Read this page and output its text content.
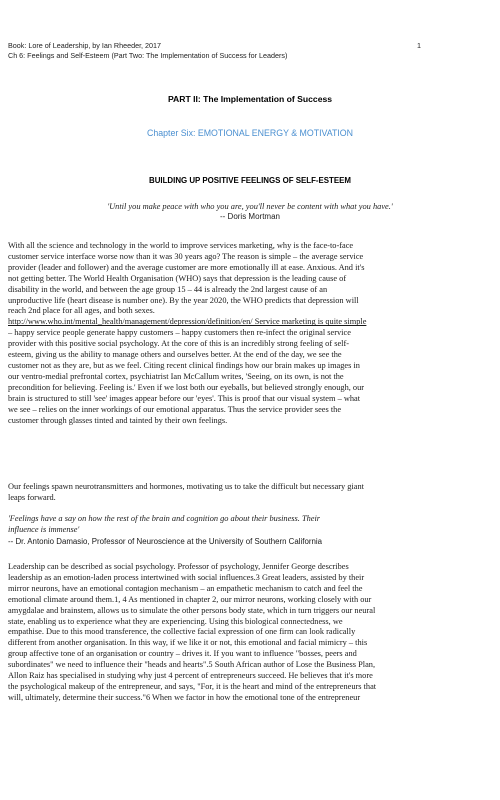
Book: Lore of Leadership, by Ian Rheeder, 2017
Ch 6: Feelings and Self-Esteem (Part Two: The Implementation of Success for Leaders)
1
PART II: The Implementation of Success
Chapter Six: EMOTIONAL ENERGY & MOTIVATION
BUILDING UP POSITIVE FEELINGS OF SELF-ESTEEM
'Until you make peace with who you are, you'll never be content with what you have.'
-- Doris Mortman
With all the science and technology in the world to improve services marketing, why is the face-to-face
customer service interface worse now than it was 30 years ago? The reason is simple – the average service
provider (leader and follower) and the average customer are more emotionally ill at ease. Anxious. And it's
not getting better. The World Health Organisation (WHO) says that depression is the leading cause of
disability in the world, and between the age group 15 – 44 is already the 2nd largest cause of an
unproductive life (heart disease is number one). By the year 2020, the WHO predicts that depression will
reach 2nd place for all ages, and both sexes.
http://www.who.int/mental_health/management/depression/definition/en/ Service marketing is quite simple
– happy service people generate happy customers – happy customers then re-infect the original service
provider with this positive social psychology. At the core of this is an incredibly strong feeling of self-
esteem, giving us the ability to manage others and ourselves better. At the end of the day, we see the
customer not as they are, but as we feel. Citing recent clinical findings how our brain makes up images in
our ventro-medial prefrontal cortex, psychiatrist Ian McCallum writes, 'Seeing, on its own, is not the
precondition for believing. Feeling is.' Even if we lost both our eyeballs, but believed strongly enough, our
brain is structured to still 'see' images appear before our 'eyes'. This is proof that our visual system – what
we see – relies on the inner workings of our emotional apparatus. Thus the service provider sees the
customer through glasses tinted and tainted by their own feelings.
Our feelings spawn neurotransmitters and hormones, motivating us to take the difficult but necessary giant
leaps forward.
'Feelings have a say on how the rest of the brain and cognition go about their business. Their
influence is immense'
-- Dr. Antonio Damasio, Professor of Neuroscience at the University of Southern California
Leadership can be described as social psychology. Professor of psychology, Jennifer George describes
leadership as an emotion-laden process intertwined with social influences.3 Great leaders, assisted by their
mirror neurons, have an emotional contagion mechanism – an empathetic mechanism to catch and feel the
emotional climate around them.1, 4 As mentioned in chapter 2, our mirror neurons, working closely with our
amygdalae and brainstem, allows us to simulate the other persons body state, which in turn triggers our neural
state, enabling us to experience what they are experiencing. Using this biological connectedness, we
empathise. Due to this mood transference, the collective facial expression of one firm can look radically
different from another organisation. In this way, if we like it or not, this emotional and facial mimicry – this
group affective tone of an organisation or country – drives it. If you want to influence "bosses, peers and
subordinates" we need to influence their "heads and hearts".5 South African author of Lose the Business Plan,
Allon Raiz has specialised in studying why just 4 percent of entrepreneurs succeed. He believes that it's more
the psychological makeup of the entrepreneur, and says, "For, it is the heart and mind of the entrepreneurs that
will, ultimately, determine their success."6 When we factor in how the emotional tone of the entrepreneur
